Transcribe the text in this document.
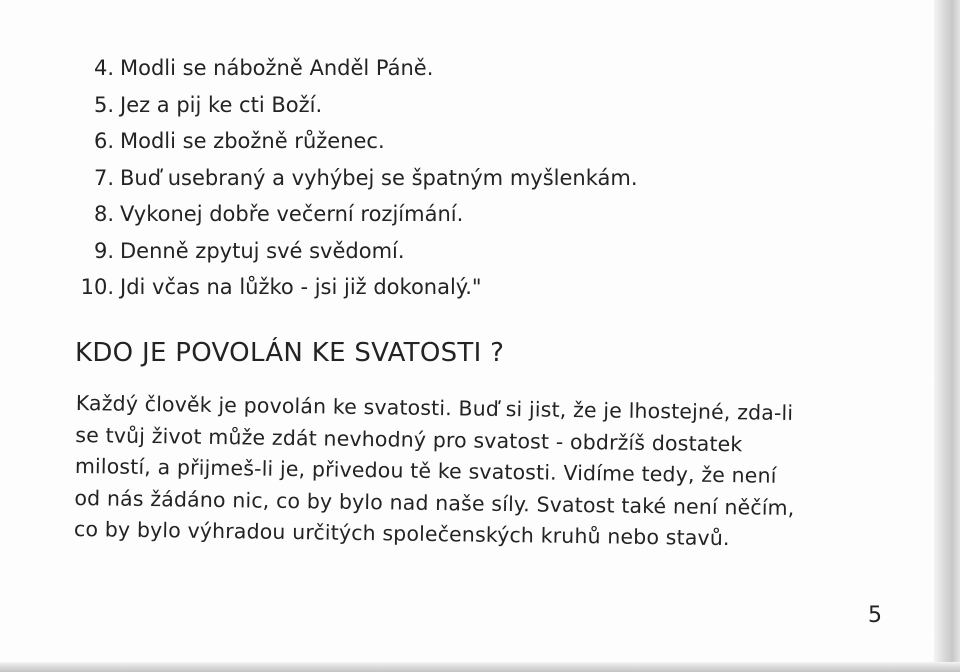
4. Modli se nábožně Anděl Páně.
5. Jez a pij ke cti Boží.
6. Modli se zbožně růženec.
7. Buď usebraný a vyhýbej se špatným myšlenkám.
8. Vykonej dobře večerní rozjímání.
9. Denně zpytuj své svědomí.
10. Jdi včas na lůžko - jsi již dokonalý."
KDO JE POVOLÁN KE SVATOSTI ?

Každý člověk je povolán ke svatosti. Buď si jist, že je lhostejné, zda-li
se tvůj život může zdát nevhodný pro svatost - obdržíš dostatek
milostí, a přijmeš-li je, přivedou tě ke svatosti. Vidíme tedy, že není
od nás žádáno nic, co by bylo nad naše síly. Svatost také není něčím,
co by bylo výhradou určitých společenských kruhů nebo stavů.

5
